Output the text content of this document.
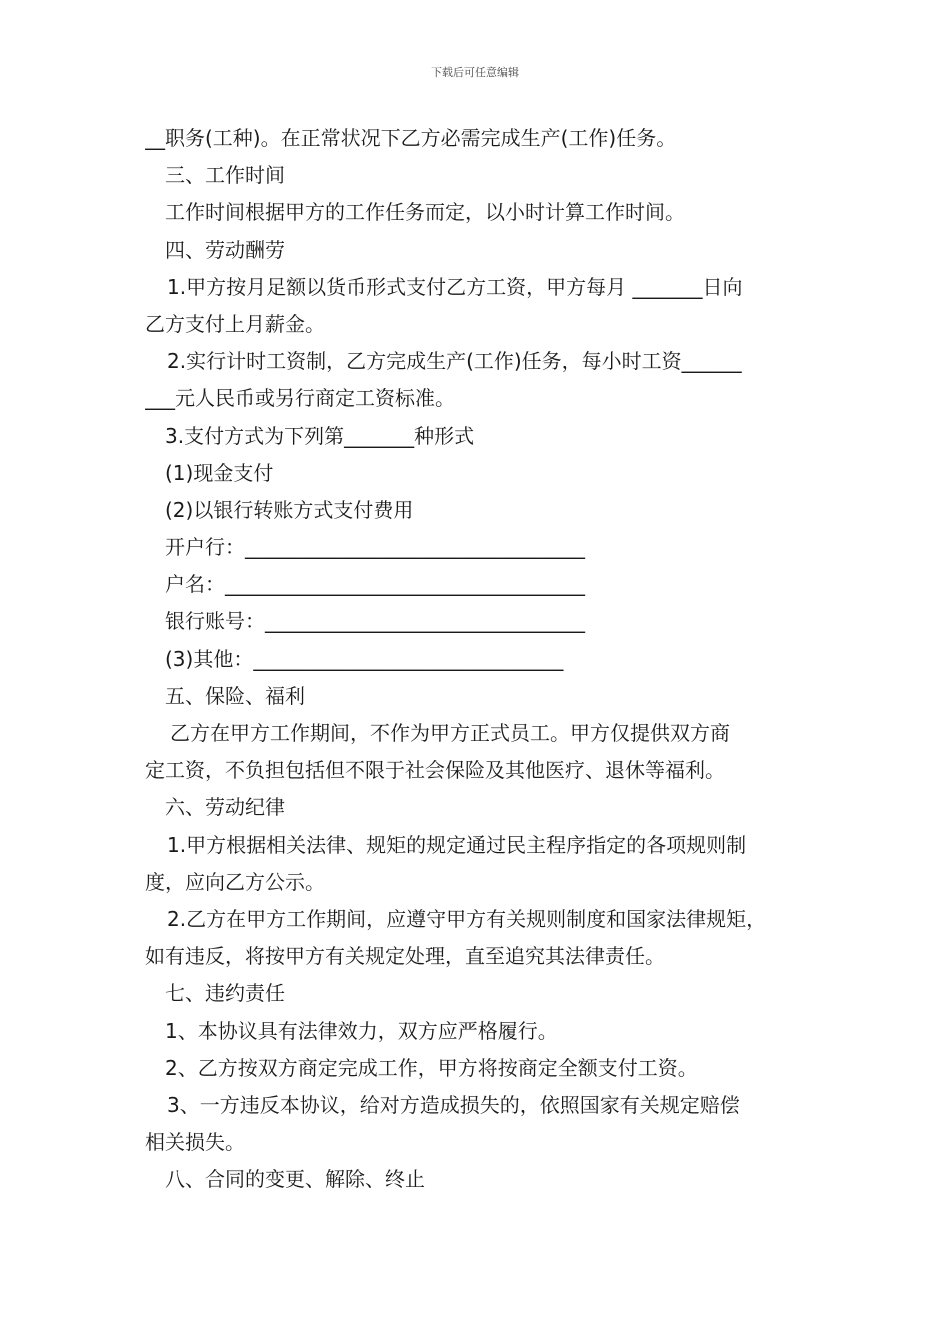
下载后可任意编辑
__职务(工种)。在正常状况下乙方必需完成生产(工作)任务。
三、工作时间
工作时间根据甲方的工作任务而定，以小时计算工作时间。
四、劳动酬劳
1.甲方按月足额以货币形式支付乙方工资，甲方每月 _______日向
乙方支付上月薪金。
2.实行计时工资制，乙方完成生产(工作)任务，每小时工资______
___元人民币或另行商定工资标准。
3.支付方式为下列第_______种形式
(1)现金支付
(2)以银行转账方式支付费用
开户行：__________________________________
户名：____________________________________
银行账号：________________________________
(3)其他：_______________________________
五、保险、福利
乙方在甲方工作期间，不作为甲方正式员工。甲方仅提供双方商
定工资，不负担包括但不限于社会保险及其他医疗、退休等福利。
六、劳动纪律
1.甲方根据相关法律、规矩的规定通过民主程序指定的各项规则制
度，应向乙方公示。
2.乙方在甲方工作期间，应遵守甲方有关规则制度和国家法律规矩，
如有违反，将按甲方有关规定处理，直至追究其法律责任。
七、违约责任
1、本协议具有法律效力，双方应严格履行。
2、乙方按双方商定完成工作，甲方将按商定全额支付工资。
3、一方违反本协议，给对方造成损失的，依照国家有关规定赔偿
相关损失。
八、合同的变更、解除、终止
